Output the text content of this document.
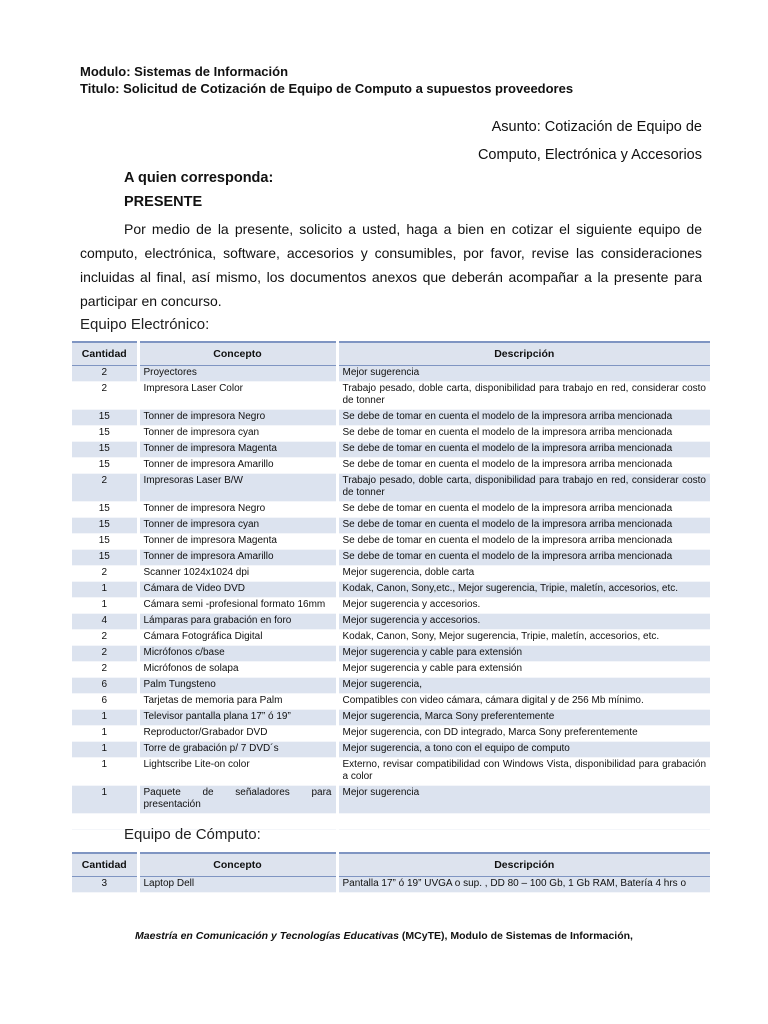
Modulo: Sistemas de Información
Titulo: Solicitud de Cotización de Equipo de Computo a supuestos proveedores
Asunto: Cotización de Equipo de
Computo, Electrónica y Accesorios
A quien corresponda:
PRESENTE
Por medio de la presente, solicito a usted, haga a bien en cotizar el siguiente equipo de computo, electrónica, software, accesorios y consumibles, por favor, revise las consideraciones incluidas al final, así mismo, los documentos anexos que deberán acompañar a la presente para participar en concurso.
Equipo Electrónico:
Cantidad	Concepto	Descripción
2	Proyectores	Mejor sugerencia
2	Impresora Laser Color	Trabajo pesado, doble carta, disponibilidad para trabajo en red, considerar costo de tonner
15	Tonner de impresora Negro	Se debe de tomar en cuenta el modelo de la impresora arriba mencionada
15	Tonner de impresora cyan	Se debe de tomar en cuenta el modelo de la impresora arriba mencionada
15	Tonner de impresora Magenta	Se debe de tomar en cuenta el modelo de la impresora arriba mencionada
15	Tonner de impresora Amarillo	Se debe de tomar en cuenta el modelo de la impresora arriba mencionada
2	Impresoras Laser B/W	Trabajo pesado, doble carta, disponibilidad para trabajo en red, considerar costo de tonner
15	Tonner de impresora Negro	Se debe de tomar en cuenta el modelo de la impresora arriba mencionada
15	Tonner de impresora cyan	Se debe de tomar en cuenta el modelo de la impresora arriba mencionada
15	Tonner de impresora Magenta	Se debe de tomar en cuenta el modelo de la impresora arriba mencionada
15	Tonner de impresora Amarillo	Se debe de tomar en cuenta el modelo de la impresora arriba mencionada
2	Scanner 1024x1024 dpi	Mejor sugerencia, doble carta
1	Cámara de Video DVD	Kodak, Canon, Sony,etc., Mejor sugerencia, Tripie, maletín, accesorios, etc.
1	Cámara semi -profesional formato 16mm	Mejor sugerencia y accesorios.
4	Lámparas para grabación en foro	Mejor sugerencia y accesorios.
2	Cámara Fotográfica Digital	Kodak, Canon, Sony, Mejor sugerencia, Tripie, maletín, accesorios, etc.
2	Micrófonos c/base	Mejor sugerencia y cable para extensión
2	Micrófonos de solapa	Mejor sugerencia y cable para extensión
6	Palm Tungsteno	Mejor sugerencia,
6	Tarjetas de memoria para Palm	Compatibles con video cámara, cámara digital y de 256 Mb mínimo.
1	Televisor pantalla plana 17” ó 19”	Mejor sugerencia, Marca Sony preferentemente
1	Reproductor/Grabador DVD	Mejor sugerencia, con DD integrado, Marca Sony preferentemente
1	Torre de grabación p/ 7 DVD´s	Mejor sugerencia, a tono con el equipo de computo
1	Lightscribe Lite-on color	Externo, revisar compatibilidad con Windows Vista, disponibilidad para grabación a color
1	Paquete de señaladores para presentación	Mejor sugerencia

Equipo de Cómputo:
Cantidad	Concepto	Descripción
3	Laptop Dell	Pantalla 17” ó 19” UVGA o sup. , DD 80 – 100 Gb, 1 Gb RAM, Batería 4 hrs o
Maestría en Comunicación y Tecnologías Educativas (MCyTE), Modulo de Sistemas de Información,
